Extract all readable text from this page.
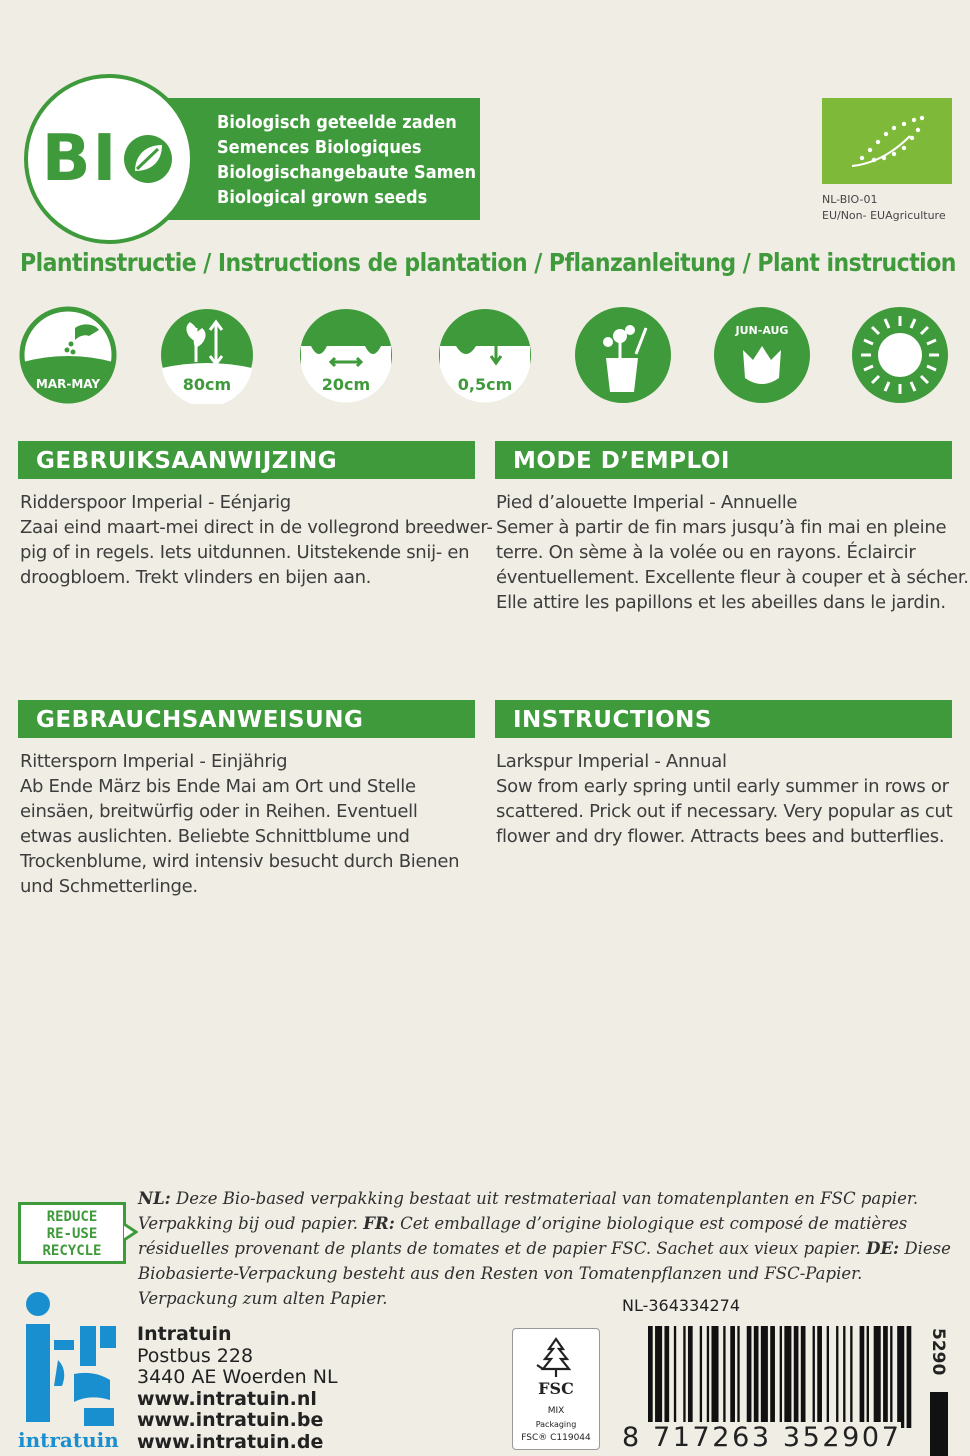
Biologisch geteelde zaden
Semences Biologiques
Biologischangebaute Samen
Biological grown seeds
BI
NL-BIO-01
EU/Non- EUAgriculture
Plantinstructie / Instructions de plantation / Pflanzanleitung / Plant instruction
MAR-MAY	80cm	20cm	0,5cm
JUN-AUG
GEBRUIKSAANWIJZING
Ridderspoor Imperial - Eénjarig
Zaai eind maart-mei direct in de vollegrond breedwer-
pig of in regels. Iets uitdunnen. Uitstekende snij- en
droogbloem. Trekt vlinders en bijen aan.
MODE D’EMPLOI
Pied d’alouette Imperial - Annuelle
Semer à partir de fin mars jusqu’à fin mai en pleine
terre. On sème à la volée ou en rayons. Éclaircir
éventuellement. Excellente fleur à couper et à sécher.
Elle attire les papillons et les abeilles dans le jardin.
GEBRAUCHSANWEISUNG
Rittersporn Imperial - Einjährig
Ab Ende März bis Ende Mai am Ort und Stelle
einsäen, breitwürfig oder in Reihen. Eventuell
etwas auslichten. Beliebte Schnittblume und
Trockenblume, wird intensiv besucht durch Bienen
und Schmetterlinge.
INSTRUCTIONS
Larkspur Imperial - Annual
Sow from early spring until early summer in rows or
scattered. Prick out if necessary. Very popular as cut
flower and dry flower. Attracts bees and butterflies.
REDUCE
RE-USE
RECYCLE
NL: Deze Bio-based verpakking bestaat uit restmateriaal van tomatenplanten en FSC papier. Verpakking bij oud papier. FR: Cet emballage d’origine biologique est composé de matières résiduelles provenant de plants de tomates et de papier FSC. Sachet aux vieux papier. DE: Diese Biobasierte-Verpackung besteht aus den Resten von Tomatenpflanzen und FSC-Papier. Verpackung zum alten Papier.
intratuin
Intratuin
Postbus 228
3440 AE Woerden NL
www.intratuin.nl
www.intratuin.be
www.intratuin.de
FSC
MIX
Packaging
FSC® C119044
NL-364334274
8 717263 352907
5290
